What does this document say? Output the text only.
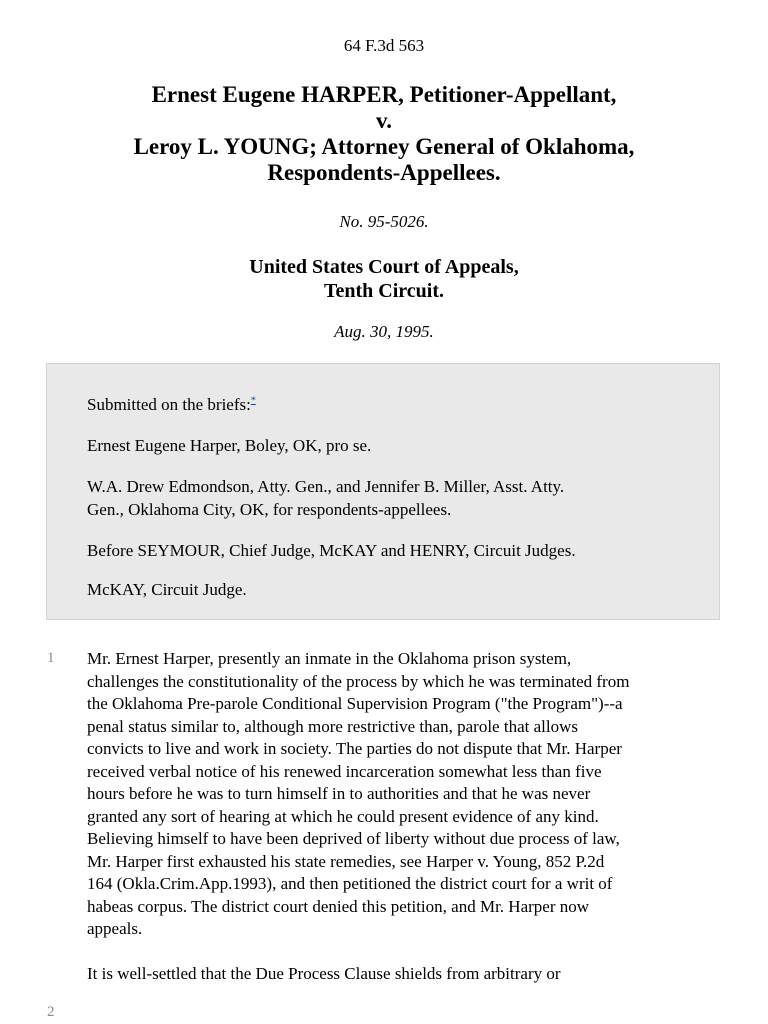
64 F.3d 563
Ernest Eugene HARPER, Petitioner-Appellant,
v.
Leroy L. YOUNG; Attorney General of Oklahoma,
Respondents-Appellees.
No. 95-5026.
United States Court of Appeals,
Tenth Circuit.
Aug. 30, 1995.

Submitted on the briefs:*

Ernest Eugene Harper, Boley, OK, pro se.

W.A. Drew Edmondson, Atty. Gen., and Jennifer B. Miller, Asst. Atty.
Gen., Oklahoma City, OK, for respondents-appellees.

Before SEYMOUR, Chief Judge, McKAY and HENRY, Circuit Judges.

McKAY, Circuit Judge.

1 Mr. Ernest Harper, presently an inmate in the Oklahoma prison system,
challenges the constitutionality of the process by which he was terminated from
the Oklahoma Pre-parole Conditional Supervision Program ("the Program")--a
penal status similar to, although more restrictive than, parole that allows
convicts to live and work in society. The parties do not dispute that Mr. Harper
received verbal notice of his renewed incarceration somewhat less than five
hours before he was to turn himself in to authorities and that he was never
granted any sort of hearing at which he could present evidence of any kind.
Believing himself to have been deprived of liberty without due process of law,
Mr. Harper first exhausted his state remedies, see Harper v. Young, 852 P.2d
164 (Okla.Crim.App.1993), and then petitioned the district court for a writ of
habeas corpus. The district court denied this petition, and Mr. Harper now
appeals.

2

It is well-settled that the Due Process Clause shields from arbitrary or
